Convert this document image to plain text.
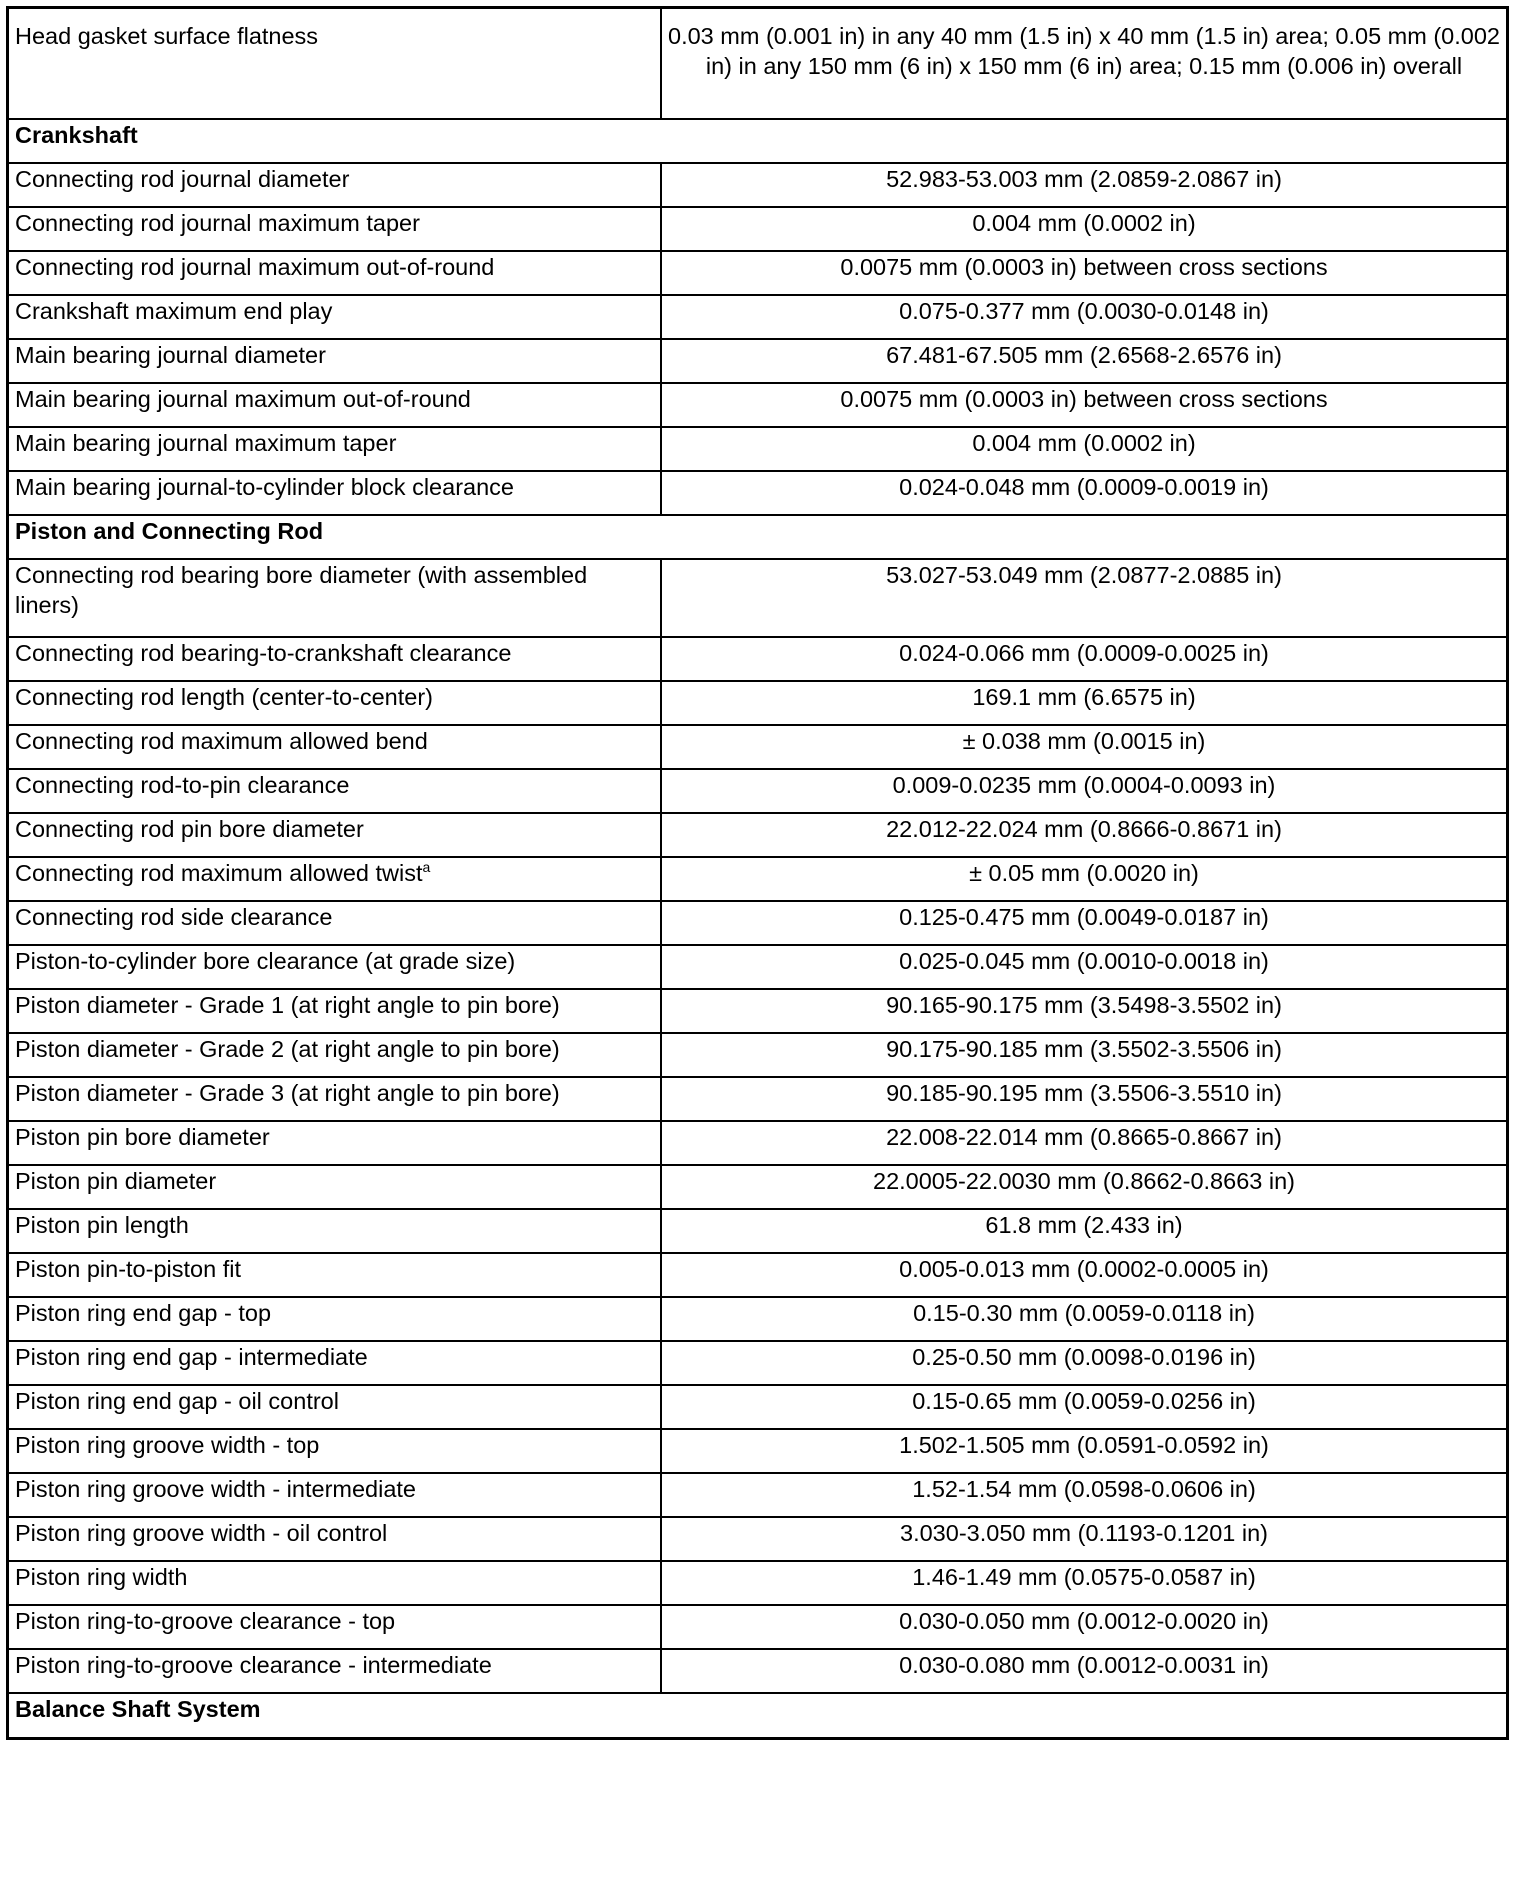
Head gasket surface flatness	0.03 mm (0.001 in) in any 40 mm (1.5 in) x 40 mm (1.5 in) area; 0.05 mm (0.002 in) in any 150 mm (6 in) x 150 mm (6 in) area; 0.15 mm (0.006 in) overall
Crankshaft	
Connecting rod journal diameter	52.983-53.003 mm (2.0859-2.0867 in)
Connecting rod journal maximum taper	0.004 mm (0.0002 in)
Connecting rod journal maximum out-of-round	0.0075 mm (0.0003 in) between cross sections
Crankshaft maximum end play	0.075-0.377 mm (0.0030-0.0148 in)
Main bearing journal diameter	67.481-67.505 mm (2.6568-2.6576 in)
Main bearing journal maximum out-of-round	0.0075 mm (0.0003 in) between cross sections
Main bearing journal maximum taper	0.004 mm (0.0002 in)
Main bearing journal-to-cylinder block clearance	0.024-0.048 mm (0.0009-0.0019 in)
Piston and Connecting Rod	
Connecting rod bearing bore diameter (with assembled liners)	53.027-53.049 mm (2.0877-2.0885 in)
Connecting rod bearing-to-crankshaft clearance	0.024-0.066 mm (0.0009-0.0025 in)
Connecting rod length (center-to-center)	169.1 mm (6.6575 in)
Connecting rod maximum allowed bend	± 0.038 mm (0.0015 in)
Connecting rod-to-pin clearance	0.009-0.0235 mm (0.0004-0.0093 in)
Connecting rod pin bore diameter	22.012-22.024 mm (0.8666-0.8671 in)
Connecting rod maximum allowed twist$^a$	± 0.05 mm (0.0020 in)
Connecting rod side clearance	0.125-0.475 mm (0.0049-0.0187 in)
Piston-to-cylinder bore clearance (at grade size)	0.025-0.045 mm (0.0010-0.0018 in)
Piston diameter - Grade 1 (at right angle to pin bore)	90.165-90.175 mm (3.5498-3.5502 in)
Piston diameter - Grade 2 (at right angle to pin bore)	90.175-90.185 mm (3.5502-3.5506 in)
Piston diameter - Grade 3 (at right angle to pin bore)	90.185-90.195 mm (3.5506-3.5510 in)
Piston pin bore diameter	22.008-22.014 mm (0.8665-0.8667 in)
Piston pin diameter	22.0005-22.0030 mm (0.8662-0.8663 in)
Piston pin length	61.8 mm (2.433 in)
Piston pin-to-piston fit	0.005-0.013 mm (0.0002-0.0005 in)
Piston ring end gap - top	0.15-0.30 mm (0.0059-0.0118 in)
Piston ring end gap - intermediate	0.25-0.50 mm (0.0098-0.0196 in)
Piston ring end gap - oil control	0.15-0.65 mm (0.0059-0.0256 in)
Piston ring groove width - top	1.502-1.505 mm (0.0591-0.0592 in)
Piston ring groove width - intermediate	1.52-1.54 mm (0.0598-0.0606 in)
Piston ring groove width - oil control	3.030-3.050 mm (0.1193-0.1201 in)
Piston ring width	1.46-1.49 mm (0.0575-0.0587 in)
Piston ring-to-groove clearance - top	0.030-0.050 mm (0.0012-0.0020 in)
Piston ring-to-groove clearance - intermediate	0.030-0.080 mm (0.0012-0.0031 in)
Balance Shaft System	
